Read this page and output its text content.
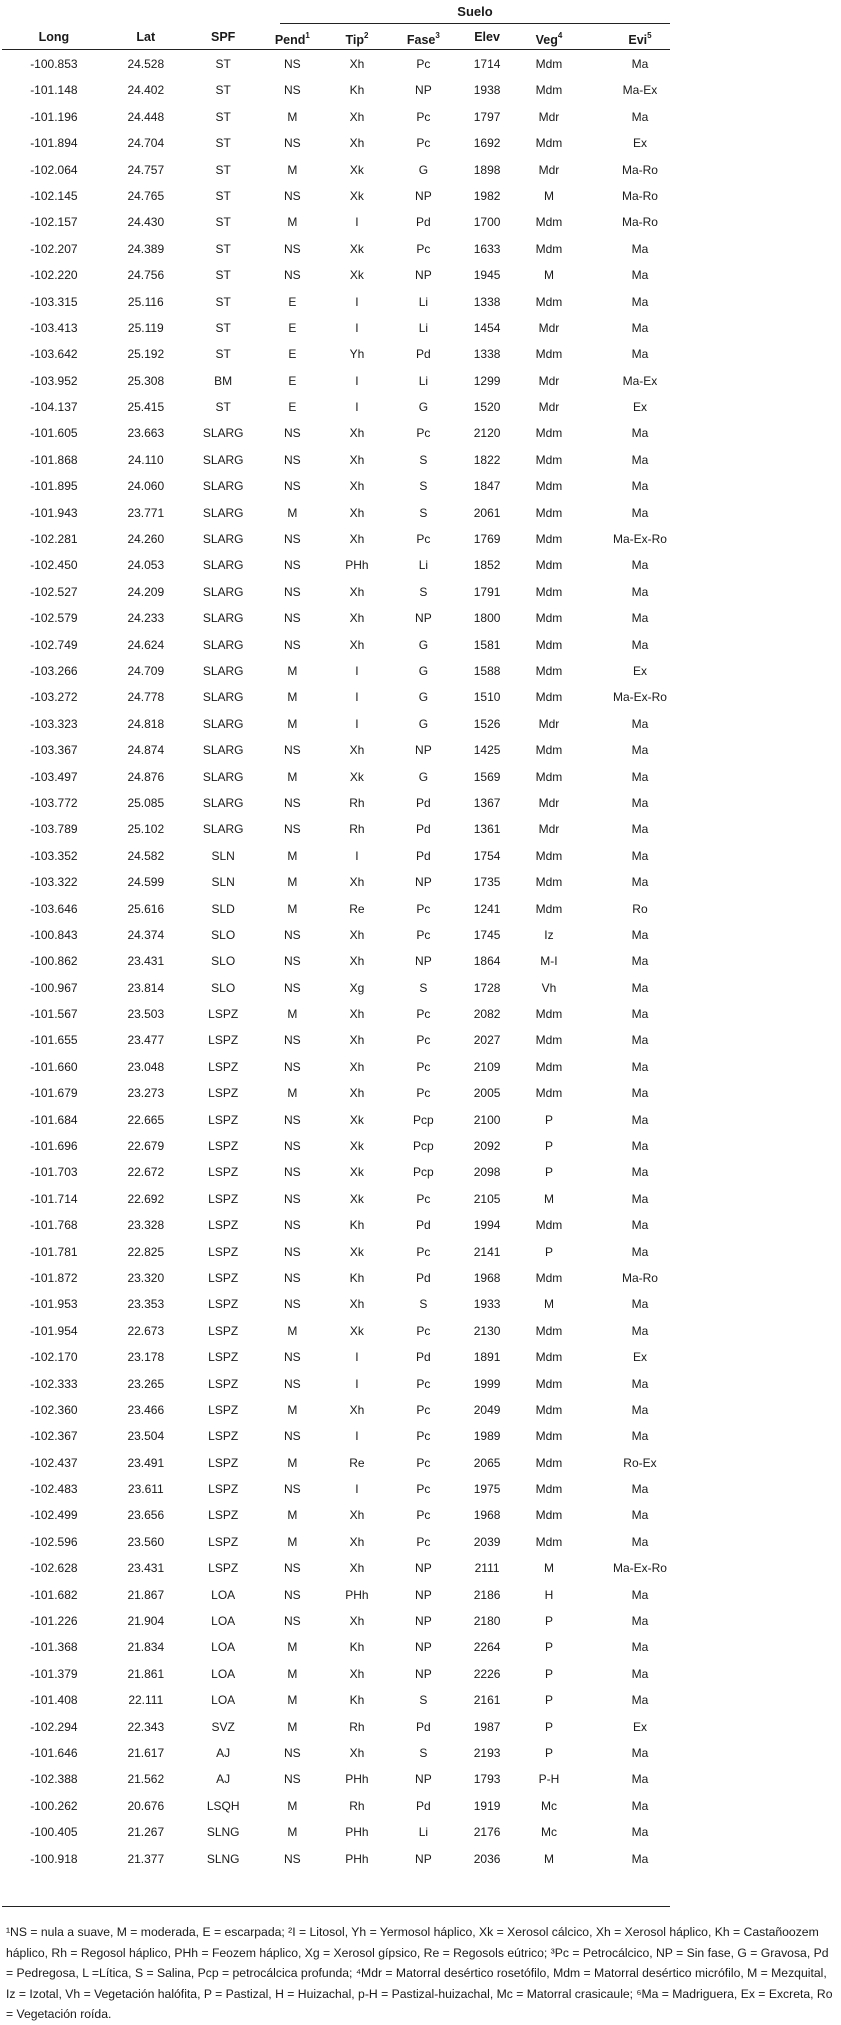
Suelo
Long	Lat	SPF	Pend$^1$	Tip$^2$	Fase$^3$	Elev	Veg$^4$	Evi$^5$
-100.853	24.528	ST	NS	Xh	Pc	1714	Mdm	Ma
-101.148	24.402	ST	NS	Kh	NP	1938	Mdm	Ma-Ex
-101.196	24.448	ST	M	Xh	Pc	1797	Mdr	Ma
-101.894	24.704	ST	NS	Xh	Pc	1692	Mdm	Ex
-102.064	24.757	ST	M	Xk	G	1898	Mdr	Ma-Ro
-102.145	24.765	ST	NS	Xk	NP	1982	M	Ma-Ro
-102.157	24.430	ST	M	I	Pd	1700	Mdm	Ma-Ro
-102.207	24.389	ST	NS	Xk	Pc	1633	Mdm	Ma
-102.220	24.756	ST	NS	Xk	NP	1945	M	Ma
-103.315	25.116	ST	E	I	Li	1338	Mdm	Ma
-103.413	25.119	ST	E	I	Li	1454	Mdr	Ma
-103.642	25.192	ST	E	Yh	Pd	1338	Mdm	Ma
-103.952	25.308	BM	E	I	Li	1299	Mdr	Ma-Ex
-104.137	25.415	ST	E	I	G	1520	Mdr	Ex
-101.605	23.663	SLARG	NS	Xh	Pc	2120	Mdm	Ma
-101.868	24.110	SLARG	NS	Xh	S	1822	Mdm	Ma
-101.895	24.060	SLARG	NS	Xh	S	1847	Mdm	Ma
-101.943	23.771	SLARG	M	Xh	S	2061	Mdm	Ma
-102.281	24.260	SLARG	NS	Xh	Pc	1769	Mdm	Ma-Ex-Ro
-102.450	24.053	SLARG	NS	PHh	Li	1852	Mdm	Ma
-102.527	24.209	SLARG	NS	Xh	S	1791	Mdm	Ma
-102.579	24.233	SLARG	NS	Xh	NP	1800	Mdm	Ma
-102.749	24.624	SLARG	NS	Xh	G	1581	Mdm	Ma
-103.266	24.709	SLARG	M	I	G	1588	Mdm	Ex
-103.272	24.778	SLARG	M	I	G	1510	Mdm	Ma-Ex-Ro
-103.323	24.818	SLARG	M	I	G	1526	Mdr	Ma
-103.367	24.874	SLARG	NS	Xh	NP	1425	Mdm	Ma
-103.497	24.876	SLARG	M	Xk	G	1569	Mdm	Ma
-103.772	25.085	SLARG	NS	Rh	Pd	1367	Mdr	Ma
-103.789	25.102	SLARG	NS	Rh	Pd	1361	Mdr	Ma
-103.352	24.582	SLN	M	I	Pd	1754	Mdm	Ma
-103.322	24.599	SLN	M	Xh	NP	1735	Mdm	Ma
-103.646	25.616	SLD	M	Re	Pc	1241	Mdm	Ro
-100.843	24.374	SLO	NS	Xh	Pc	1745	Iz	Ma
-100.862	23.431	SLO	NS	Xh	NP	1864	M-I	Ma
-100.967	23.814	SLO	NS	Xg	S	1728	Vh	Ma
-101.567	23.503	LSPZ	M	Xh	Pc	2082	Mdm	Ma
-101.655	23.477	LSPZ	NS	Xh	Pc	2027	Mdm	Ma
-101.660	23.048	LSPZ	NS	Xh	Pc	2109	Mdm	Ma
-101.679	23.273	LSPZ	M	Xh	Pc	2005	Mdm	Ma
-101.684	22.665	LSPZ	NS	Xk	Pcp	2100	P	Ma
-101.696	22.679	LSPZ	NS	Xk	Pcp	2092	P	Ma
-101.703	22.672	LSPZ	NS	Xk	Pcp	2098	P	Ma
-101.714	22.692	LSPZ	NS	Xk	Pc	2105	M	Ma
-101.768	23.328	LSPZ	NS	Kh	Pd	1994	Mdm	Ma
-101.781	22.825	LSPZ	NS	Xk	Pc	2141	P	Ma
-101.872	23.320	LSPZ	NS	Kh	Pd	1968	Mdm	Ma-Ro
-101.953	23.353	LSPZ	NS	Xh	S	1933	M	Ma
-101.954	22.673	LSPZ	M	Xk	Pc	2130	Mdm	Ma
-102.170	23.178	LSPZ	NS	I	Pd	1891	Mdm	Ex
-102.333	23.265	LSPZ	NS	I	Pc	1999	Mdm	Ma
-102.360	23.466	LSPZ	M	Xh	Pc	2049	Mdm	Ma
-102.367	23.504	LSPZ	NS	I	Pc	1989	Mdm	Ma
-102.437	23.491	LSPZ	M	Re	Pc	2065	Mdm	Ro-Ex
-102.483	23.611	LSPZ	NS	I	Pc	1975	Mdm	Ma
-102.499	23.656	LSPZ	M	Xh	Pc	1968	Mdm	Ma
-102.596	23.560	LSPZ	M	Xh	Pc	2039	Mdm	Ma
-102.628	23.431	LSPZ	NS	Xh	NP	2111	M	Ma-Ex-Ro
-101.682	21.867	LOA	NS	PHh	NP	2186	H	Ma
-101.226	21.904	LOA	NS	Xh	NP	2180	P	Ma
-101.368	21.834	LOA	M	Kh	NP	2264	P	Ma
-101.379	21.861	LOA	M	Xh	NP	2226	P	Ma
-101.408	22.111	LOA	M	Kh	S	2161	P	Ma
-102.294	22.343	SVZ	M	Rh	Pd	1987	P	Ex
-101.646	21.617	AJ	NS	Xh	S	2193	P	Ma
-102.388	21.562	AJ	NS	PHh	NP	1793	P-H	Ma
-100.262	20.676	LSQH	M	Rh	Pd	1919	Mc	Ma
-100.405	21.267	SLNG	M	PHh	Li	2176	Mc	Ma
-100.918	21.377	SLNG	NS	PHh	NP	2036	M	Ma
¹NS = nula a suave, M = moderada, E = escarpada; ²I = Litosol, Yh = Yermosol háplico, Xk = Xerosol cálcico, Xh = Xerosol háplico, Kh = Castañoozem háplico, Rh = Regosol háplico, PHh = Feozem háplico, Xg = Xerosol gípsico, Re = Regosols eútrico; ³Pc = Petrocálcico, NP = Sin fase, G = Gravosa, Pd = Pedregosa, L =Lítica, S = Salina, Pcp = petrocálcica profunda; ⁴Mdr = Matorral desértico rosetófilo, Mdm = Matorral desértico micrófilo, M = Mezquital, Iz = Izotal, Vh = Vegetación halófita, P = Pastizal, H = Huizachal, p-H = Pastizal-huizachal, Mc = Matorral crasicaule; ⁶Ma = Madriguera, Ex = Excreta, Ro = Vegetación roída.
